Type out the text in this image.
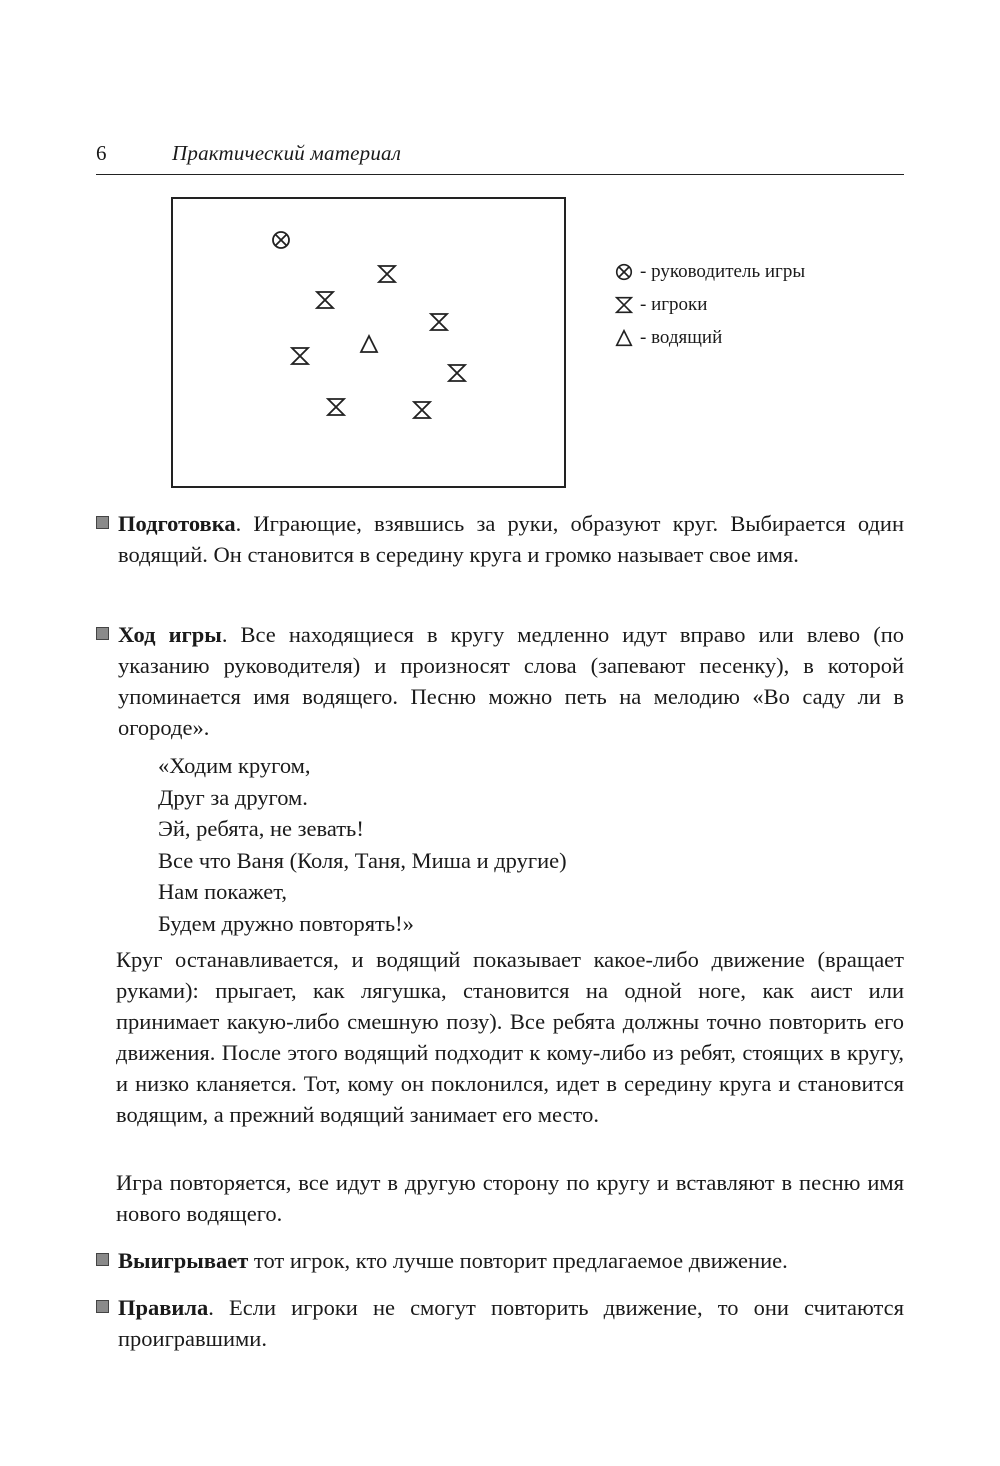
6	Практический материал
- руководитель игры
- игроки
- водящий

Подготовка. Играющие, взявшись за руки, образуют круг. Выбирается один водящий. Он становится в середину круга и громко называет свое имя.

Ход игры. Все находящиеся в кругу медленно идут вправо или влево (по указанию руководителя) и произносят слова (запевают песенку), в которой упоминается имя водящего. Песню можно петь на мелодию «Во саду ли в огороде».

«Ходим кругом,
Друг за другом.
Эй, ребята, не зевать!
Все что Ваня (Коля, Таня, Миша и другие)
Нам покажет,
Будем дружно повторять!»

Круг останавливается, и водящий показывает какое-либо движение (вращает руками): прыгает, как лягушка, становится на одной ноге, как аист или принимает какую-либо смешную позу). Все ребята должны точно повторить его движения. После этого водящий подходит к кому-либо из ребят, стоящих в кругу, и низко кланяется. Тот, кому он поклонился, идет в середину круга и становится водящим, а прежний водящий занимает его место.

Игра повторяется, все идут в другую сторону по кругу и вставляют в песню имя нового водящего.

Выигрывает тот игрок, кто лучше повторит предлагаемое движение.

Правила. Если игроки не смогут повторить движение, то они считаются проигравшими.
